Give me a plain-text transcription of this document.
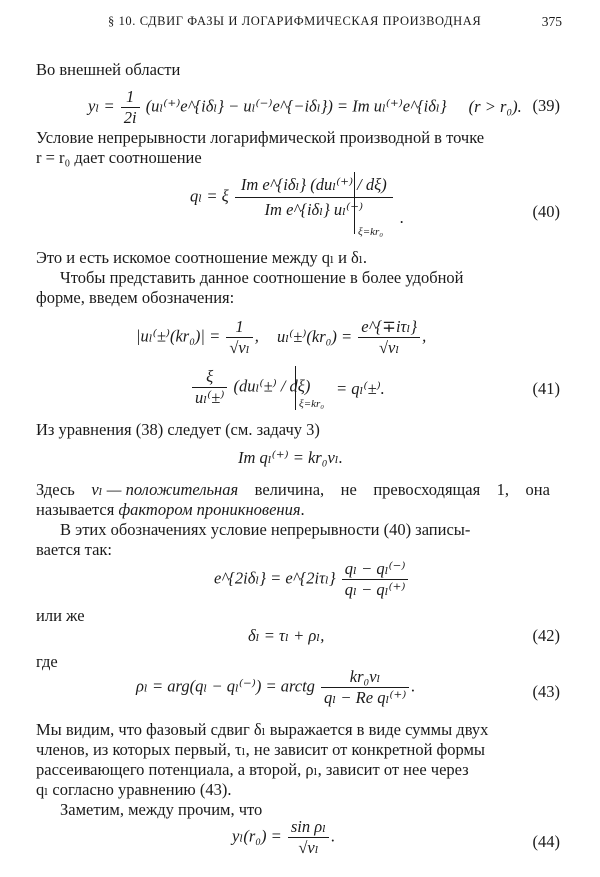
§ 10. СДВИГ ФАЗЫ И ЛОГАРИФМИЧЕСКАЯ ПРОИЗВОДНАЯ	375
Во внешней области
$y_l = \frac{1}{2i}$ (uₗ⁽⁺⁾e^{iδₗ} − uₗ⁽⁻⁾e^{−iδₗ}) = Im uₗ⁽⁺⁾e^{iδₗ} (r > r₀). (39)
Условие непрерывности логарифмической производной в точке
r = r₀ дает соотношение
qₗ = ξ $\frac{\text{Im e\textasciicircum{}\{iδₗ\} (duₗ⁽⁺⁾ / dξ)}}{\text{Im e\textasciicircum{}\{iδₗ\} uₗ⁽⁺⁾}}$
ξ=kr₀
.	(40)
Это и есть искомое соотношение между qₗ и δₗ.
Чтобы представить данное соотношение в более удобной
форме, введем обозначения:
$|u_l^(\pm^)(kr_0)| = \frac{1}{\text{√vₗ}}$ , $u_l^(\pm^)(kr_0) = \frac{\text{e\textasciicircum{}\{∓iτₗ\}}}{\text{√vₗ}}$ ,
$\frac{\xi}{\text{uₗ⁽±⁾}} (du_l^(\pm^) / d\xi)$
ξ=kr₀
= qₗ⁽±⁾.	(41)
Из уравнения (38) следует (см. задачу 3)
Im qₗ⁽⁺⁾ = kr₀vₗ.
Здесь vₗ — положительная величина, не превосходящая 1, она
называется фактором проникновения.
В этих обозначениях условие непрерывности (40) записы-
вается так:
e^{2iδₗ} = e^{2iτₗ} $\frac{\text{qₗ − qₗ⁽⁻⁾}}{\text{qₗ − qₗ⁽⁺⁾}}$
или же
δₗ = τₗ + ρₗ,	(42)
где
ρₗ = arg(qₗ − qₗ⁽⁻⁾) = arctg $\frac{\text{kr₀vₗ}}{\text{qₗ − Re qₗ⁽⁺⁾}}$ .	(43)
Мы видим, что фазовый сдвиг δₗ выражается в виде суммы двух
членов, из которых первый, τₗ, не зависит от конкретной формы
рассеивающего потенциала, а второй, ρₗ, зависит от нее через
qₗ согласно уравнению (43).
Заметим, между прочим, что
$y_l(r_0) = \frac{\text{sin ρₗ}}{\text{√vₗ}}$ .	(44)
